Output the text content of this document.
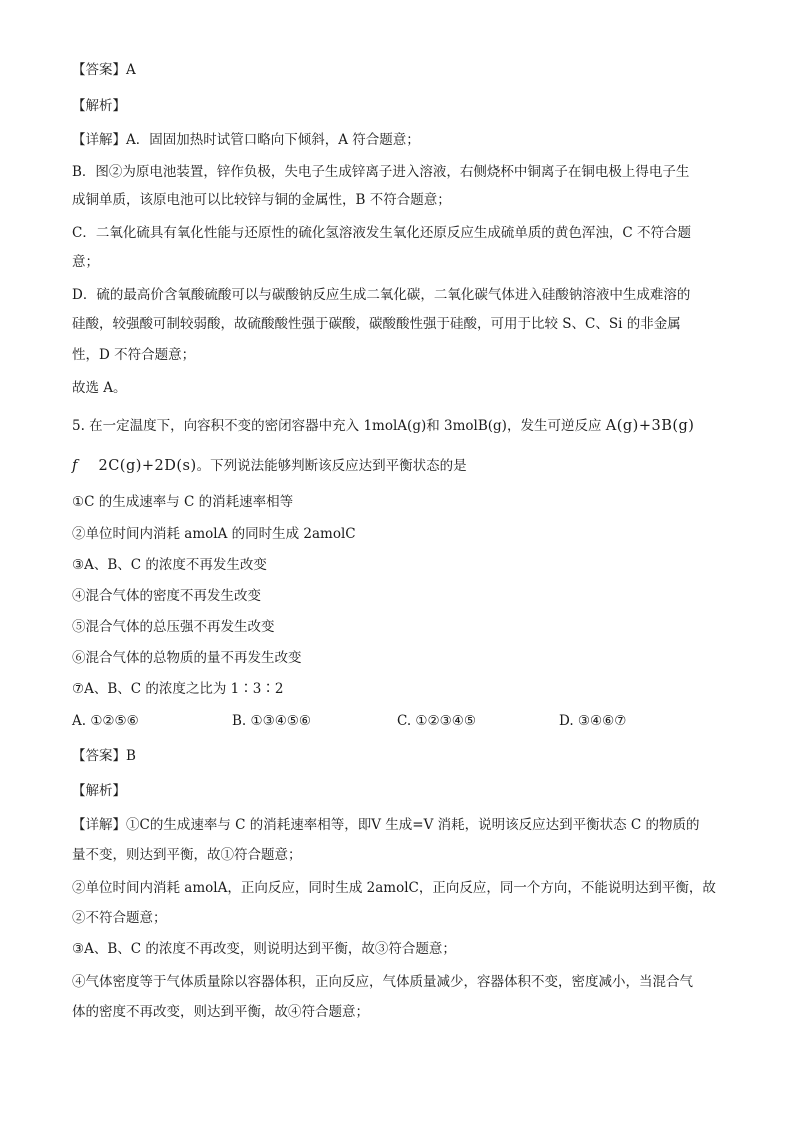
【答案】A
【解析】
【详解】A．固固加热时试管口略向下倾斜，A 符合题意；
B．图②为原电池装置，锌作负极，失电子生成锌离子进入溶液，右侧烧杯中铜离子在铜电极上得电子生
成铜单质，该原电池可以比较锌与铜的金属性，B 不符合题意；
C．二氧化硫具有氧化性能与还原性的硫化氢溶液发生氧化还原反应生成硫单质的黄色浑浊，C 不符合题
意；
D．硫的最高价含氧酸硫酸可以与碳酸钠反应生成二氧化碳，二氧化碳气体进入硅酸钠溶液中生成难溶的
硅酸，较强酸可制较弱酸，故硫酸酸性强于碳酸，碳酸酸性强于硅酸，可用于比较 S、C、Si 的非金属
性，D 不符合题意；
故选 A。
5. 在一定温度下，向容积不变的密闭容器中充入 1molA(g)和 3molB(g)，发生可逆反应 A(g)+3B(g)
f 2C(g)+2D(s)。下列说法能够判断该反应达到平衡状态的是
①C 的生成速率与 C 的消耗速率相等
②单位时间内消耗 amolA 的同时生成 2amolC
③A、B、C 的浓度不再发生改变
④混合气体的密度不再发生改变
⑤混合气体的总压强不再发生改变
⑥混合气体的总物质的量不再发生改变
⑦A、B、C 的浓度之比为 1∶3∶2
A. ①②⑤⑥	B. ①③④⑤⑥	C. ①②③④⑤	D. ③④⑥⑦
【答案】B
【解析】
【详解】①C的生成速率与 C 的消耗速率相等，即V 生成=V 消耗，说明该反应达到平衡状态 C 的物质的
量不变，则达到平衡，故①符合题意；
②单位时间内消耗 amolA，正向反应，同时生成 2amolC，正向反应，同一个方向，不能说明达到平衡，故
②不符合题意；
③A、B、C 的浓度不再改变，则说明达到平衡，故③符合题意；
④气体密度等于气体质量除以容器体积，正向反应，气体质量减少，容器体积不变，密度减小，当混合气
体的密度不再改变，则达到平衡，故④符合题意；
